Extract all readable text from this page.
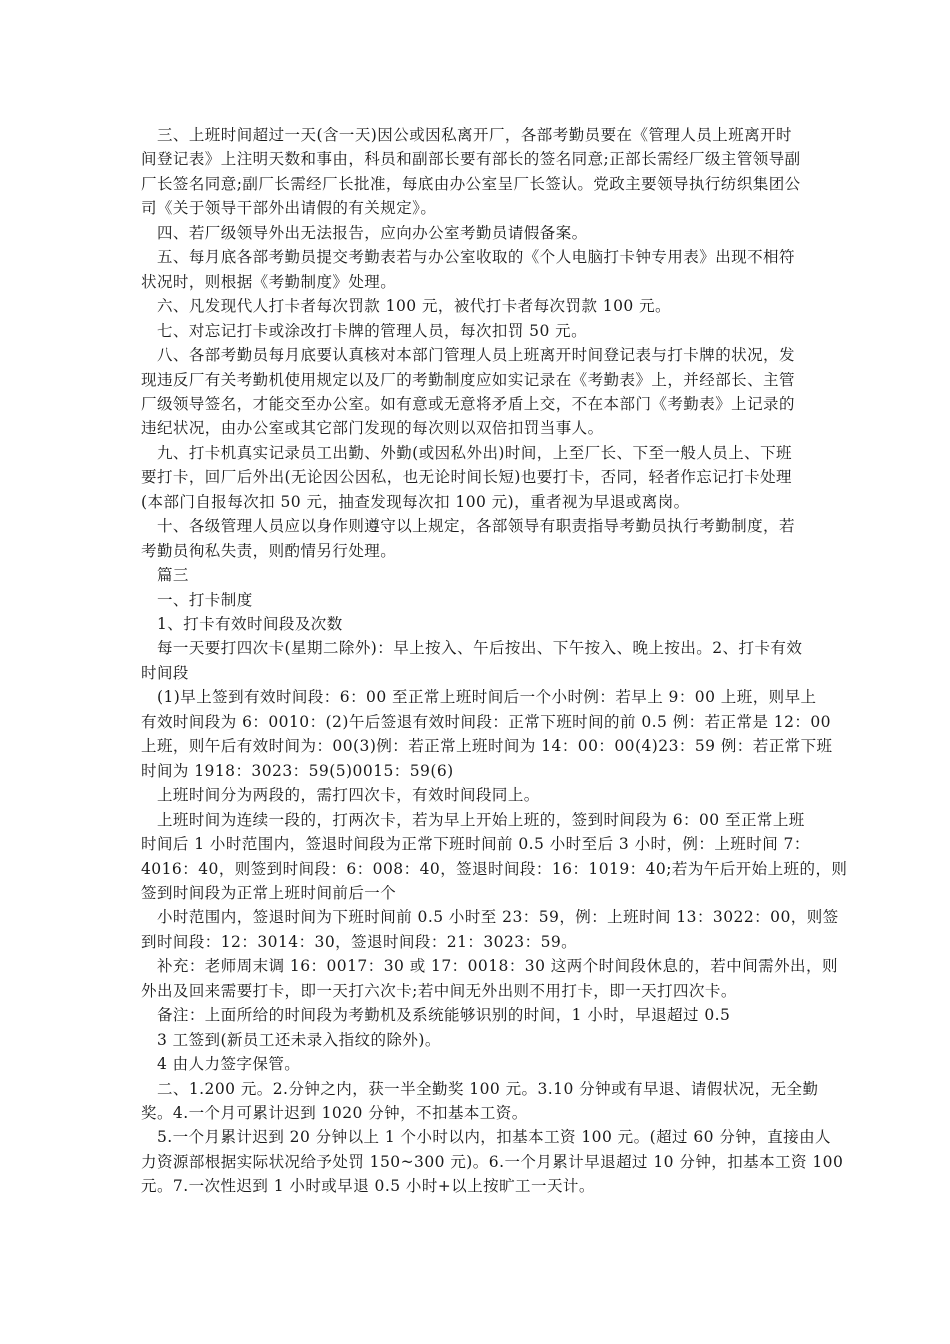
　三、上班时间超过一天(含一天)因公或因私离开厂，各部考勤员要在《管理人员上班离开时
间登记表》上注明天数和事由，科员和副部长要有部长的签名同意;正部长需经厂级主管领导副
厂长签名同意;副厂长需经厂长批准，每底由办公室呈厂长签认。党政主要领导执行纺织集团公
司《关于领导干部外出请假的有关规定》。
　四、若厂级领导外出无法报告，应向办公室考勤员请假备案。
　五、每月底各部考勤员提交考勤表若与办公室收取的《个人电脑打卡钟专用表》出现不相符
状况时，则根据《考勤制度》处理。
　六、凡发现代人打卡者每次罚款 100 元，被代打卡者每次罚款 100 元。
　七、对忘记打卡或涂改打卡牌的管理人员，每次扣罚 50 元。
　八、各部考勤员每月底要认真核对本部门管理人员上班离开时间登记表与打卡牌的状况，发
现违反厂有关考勤机使用规定以及厂的考勤制度应如实记录在《考勤表》上，并经部长、主管
厂级领导签名，才能交至办公室。如有意或无意将矛盾上交，不在本部门《考勤表》上记录的
违纪状况，由办公室或其它部门发现的每次则以双倍扣罚当事人。
　九、打卡机真实记录员工出勤、外勤(或因私外出)时间，上至厂长、下至一般人员上、下班
要打卡，回厂后外出(无论因公因私，也无论时间长短)也要打卡，否同，轻者作忘记打卡处理
(本部门自报每次扣 50 元，抽查发现每次扣 100 元)，重者视为早退或离岗。
　十、各级管理人员应以身作则遵守以上规定，各部领导有职责指导考勤员执行考勤制度，若
考勤员徇私失责，则酌情另行处理。
　篇三
　一、打卡制度
　1、打卡有效时间段及次数
　每一天要打四次卡(星期二除外)：早上按入、午后按出、下午按入、晚上按出。2、打卡有效
时间段
　(1)早上签到有效时间段：6：00 至正常上班时间后一个小时例：若早上 9：00 上班，则早上
有效时间段为 6：0010：(2)午后签退有效时间段：正常下班时间的前 0.5 例：若正常是 12：00
上班，则午后有效时间为：00(3)例：若正常上班时间为 14：00：00(4)23：59 例：若正常下班
时间为 1918：3023：59(5)0015：59(6)
　上班时间分为两段的，需打四次卡，有效时间段同上。
　上班时间为连续一段的，打两次卡，若为早上开始上班的，签到时间段为 6：00 至正常上班
时间后 1 小时范围内，签退时间段为正常下班时间前 0.5 小时至后 3 小时，例：上班时间 7：
4016：40，则签到时间段：6：008：40，签退时间段：16：1019：40;若为午后开始上班的，则
签到时间段为正常上班时间前后一个
　小时范围内，签退时间为下班时间前 0.5 小时至 23：59，例：上班时间 13：3022：00，则签
到时间段：12：3014：30，签退时间段：21：3023：59。
　补充：老师周末调 16：0017：30 或 17：0018：30 这两个时间段休息的，若中间需外出，则
外出及回来需要打卡，即一天打六次卡;若中间无外出则不用打卡，即一天打四次卡。
　备注：上面所给的时间段为考勤机及系统能够识别的时间，1 小时，早退超过 0.5
　3 工签到(新员工还未录入指纹的除外)。
　4 由人力签字保管。
　二、1.200 元。2.分钟之内，获一半全勤奖 100 元。3.10 分钟或有早退、请假状况，无全勤
奖。4.一个月可累计迟到 1020 分钟，不扣基本工资。
　5.一个月累计迟到 20 分钟以上 1 个小时以内，扣基本工资 100 元。(超过 60 分钟，直接由人
力资源部根据实际状况给予处罚 150~300 元)。6.一个月累计早退超过 10 分钟，扣基本工资 100
元。7.一次性迟到 1 小时或早退 0.5 小时+以上按旷工一天计。
